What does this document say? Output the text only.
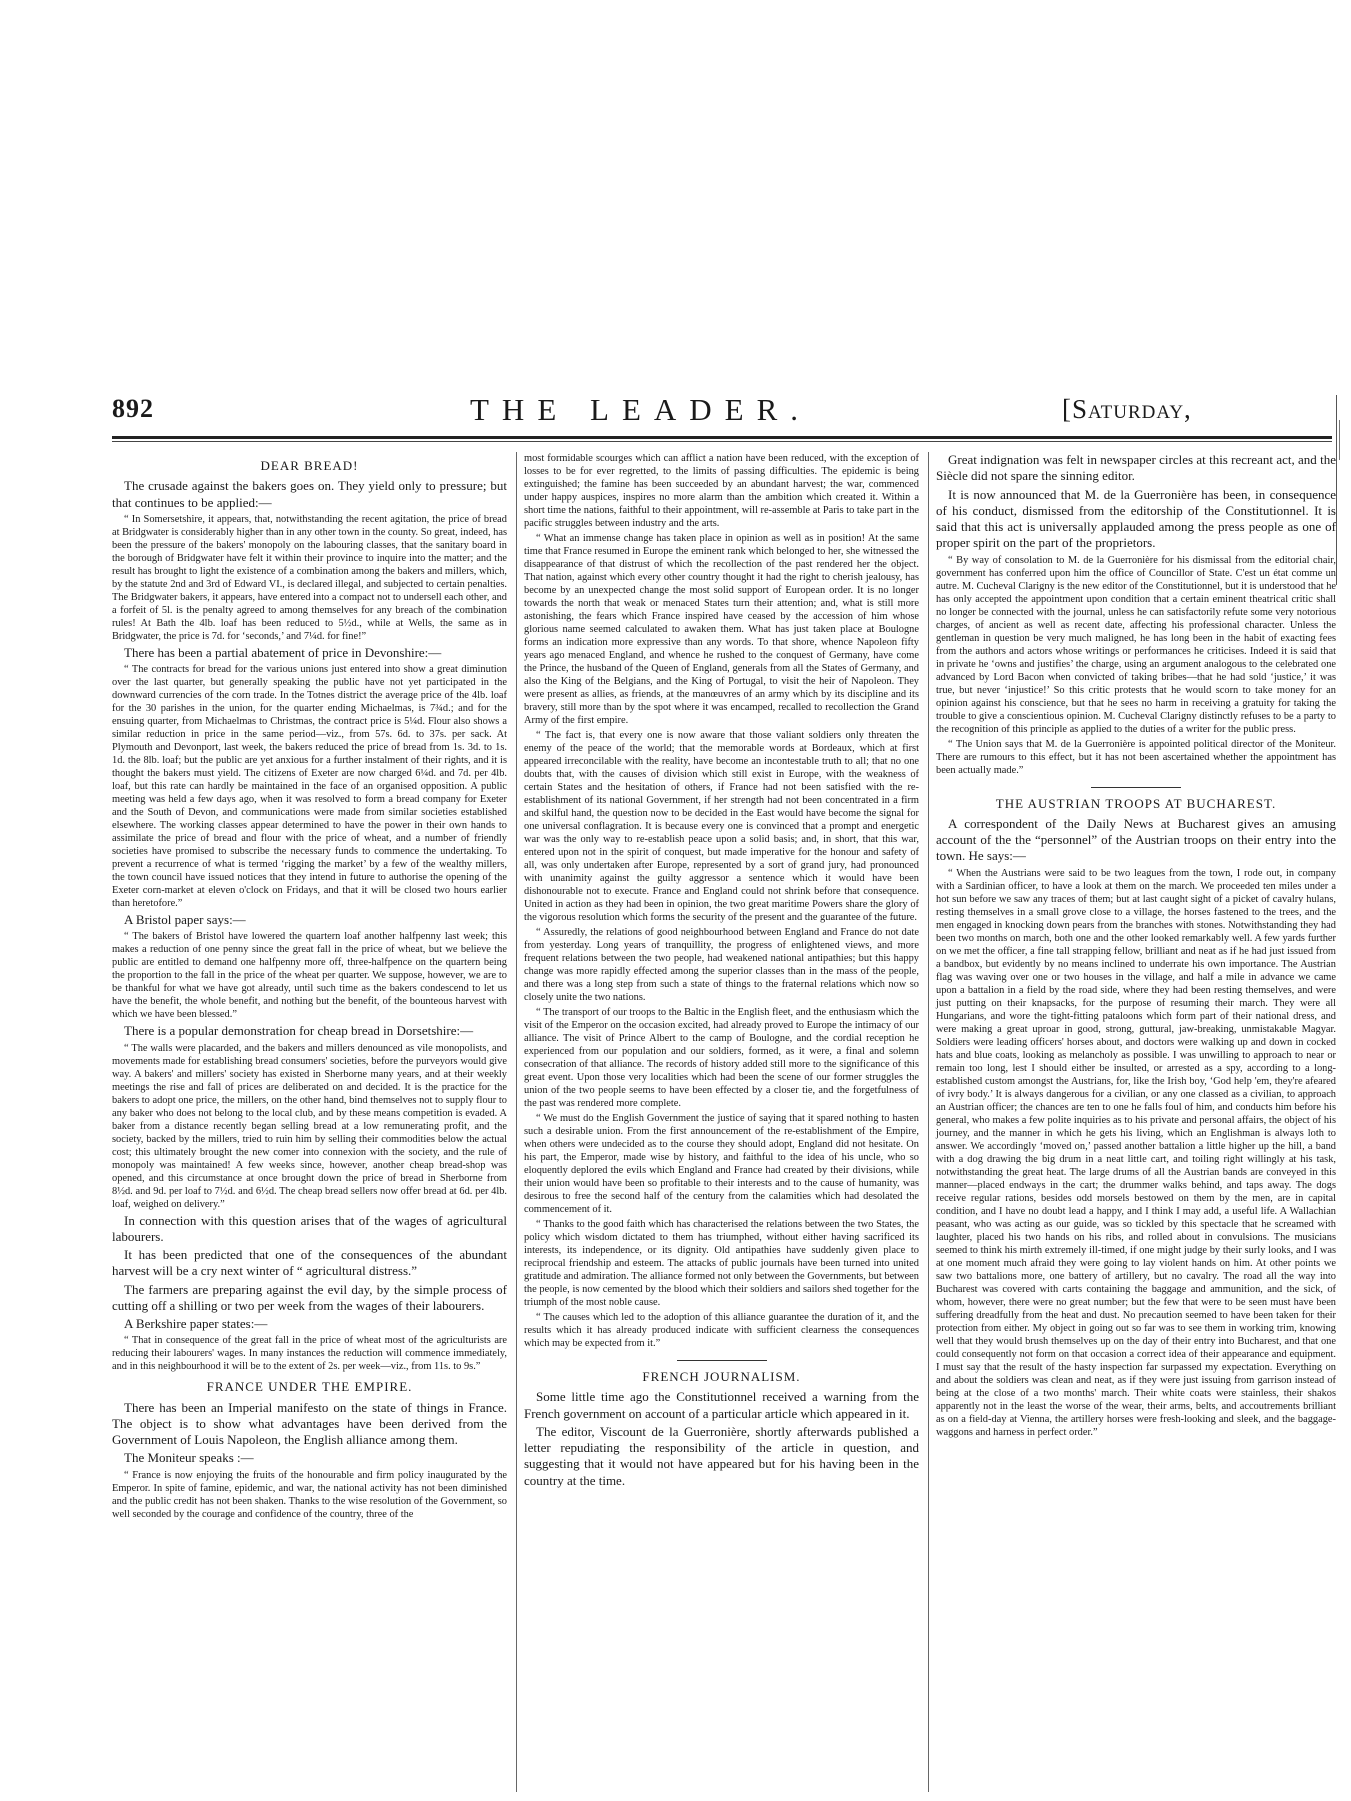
892	THE LEADER.	[Saturday,
DEAR BREAD!

The crusade against the bakers goes on. They yield only to pressure; but that continues to be applied:—

“ In Somersetshire, it appears, that, notwithstanding the recent agitation, the price of bread at Bridgwater is considerably higher than in any other town in the county. So great, indeed, has been the pressure of the bakers' monopoly on the labouring classes, that the sanitary board in the borough of Bridgwater have felt it within their province to inquire into the matter; and the result has brought to light the existence of a combination among the bakers and millers, which, by the statute 2nd and 3rd of Edward VI., is declared illegal, and subjected to certain penalties. The Bridgwater bakers, it appears, have entered into a compact not to undersell each other, and a forfeit of 5l. is the penalty agreed to among themselves for any breach of the combination rules! At Bath the 4lb. loaf has been reduced to 5½d., while at Wells, the same as in Bridgwater, the price is 7d. for ‘seconds,’ and 7¼d. for fine!”

There has been a partial abatement of price in Devonshire:—

“ The contracts for bread for the various unions just entered into show a great diminution over the last quarter, but generally speaking the public have not yet participated in the downward currencies of the corn trade. In the Totnes district the average price of the 4lb. loaf for the 30 parishes in the union, for the quarter ending Michaelmas, is 7¾d.; and for the ensuing quarter, from Michaelmas to Christmas, the contract price is 5¼d. Flour also shows a similar reduction in price in the same period—viz., from 57s. 6d. to 37s. per sack. At Plymouth and Devonport, last week, the bakers reduced the price of bread from 1s. 3d. to 1s. 1d. the 8lb. loaf; but the public are yet anxious for a further instalment of their rights, and it is thought the bakers must yield. The citizens of Exeter are now charged 6¼d. and 7d. per 4lb. loaf, but this rate can hardly be maintained in the face of an organised opposition. A public meeting was held a few days ago, when it was resolved to form a bread company for Exeter and the South of Devon, and communications were made from similar societies established elsewhere. The working classes appear determined to have the power in their own hands to assimilate the price of bread and flour with the price of wheat, and a number of friendly societies have promised to subscribe the necessary funds to commence the undertaking. To prevent a recurrence of what is termed ‘rigging the market’ by a few of the wealthy millers, the town council have issued notices that they intend in future to authorise the opening of the Exeter corn-market at eleven o'clock on Fridays, and that it will be closed two hours earlier than heretofore.”

A Bristol paper says:—

“ The bakers of Bristol have lowered the quartern loaf another halfpenny last week; this makes a reduction of one penny since the great fall in the price of wheat, but we believe the public are entitled to demand one halfpenny more off, three-halfpence on the quartern being the proportion to the fall in the price of the wheat per quarter. We suppose, however, we are to be thankful for what we have got already, until such time as the bakers condescend to let us have the benefit, the whole benefit, and nothing but the benefit, of the bounteous harvest with which we have been blessed.”

There is a popular demonstration for cheap bread in Dorsetshire:—

“ The walls were placarded, and the bakers and millers denounced as vile monopolists, and movements made for establishing bread consumers' societies, before the purveyors would give way. A bakers' and millers' society has existed in Sherborne many years, and at their weekly meetings the rise and fall of prices are deliberated on and decided. It is the practice for the bakers to adopt one price, the millers, on the other hand, bind themselves not to supply flour to any baker who does not belong to the local club, and by these means competition is evaded. A baker from a distance recently began selling bread at a low remunerating profit, and the society, backed by the millers, tried to ruin him by selling their commodities below the actual cost; this ultimately brought the new comer into connexion with the society, and the rule of monopoly was maintained! A few weeks since, however, another cheap bread-shop was opened, and this circumstance at once brought down the price of bread in Sherborne from 8½d. and 9d. per loaf to 7½d. and 6½d. The cheap bread sellers now offer bread at 6d. per 4lb. loaf, weighed on delivery.”

In connection with this question arises that of the wages of agricultural labourers.

It has been predicted that one of the consequences of the abundant harvest will be a cry next winter of “ agricultural distress.”

The farmers are preparing against the evil day, by the simple process of cutting off a shilling or two per week from the wages of their labourers.

A Berkshire paper states:—

“ That in consequence of the great fall in the price of wheat most of the agriculturists are reducing their labourers' wages. In many instances the reduction will commence immediately, and in this neighbourhood it will be to the extent of 2s. per week—viz., from 11s. to 9s.”

FRANCE UNDER THE EMPIRE.

There has been an Imperial manifesto on the state of things in France. The object is to show what advantages have been derived from the Government of Louis Napoleon, the English alliance among them.

The Moniteur speaks :—

“ France is now enjoying the fruits of the honourable and firm policy inaugurated by the Emperor. In spite of famine, epidemic, and war, the national activity has not been diminished and the public credit has not been shaken. Thanks to the wise resolution of the Government, so well seconded by the courage and confidence of the country, three of the

most formidable scourges which can afflict a nation have been reduced, with the exception of losses to be for ever regretted, to the limits of passing difficulties. The epidemic is being extinguished; the famine has been succeeded by an abundant harvest; the war, commenced under happy auspices, inspires no more alarm than the ambition which created it. Within a short time the nations, faithful to their appointment, will re-assemble at Paris to take part in the pacific struggles between industry and the arts.

“ What an immense change has taken place in opinion as well as in position! At the same time that France resumed in Europe the eminent rank which belonged to her, she witnessed the disappearance of that distrust of which the recollection of the past rendered her the object. That nation, against which every other country thought it had the right to cherish jealousy, has become by an unexpected change the most solid support of European order. It is no longer towards the north that weak or menaced States turn their attention; and, what is still more astonishing, the fears which France inspired have ceased by the accession of him whose glorious name seemed calculated to awaken them. What has just taken place at Boulogne forms an indication more expressive than any words. To that shore, whence Napoleon fifty years ago menaced England, and whence he rushed to the conquest of Germany, have come the Prince, the husband of the Queen of England, generals from all the States of Germany, and also the King of the Belgians, and the King of Portugal, to visit the heir of Napoleon. They were present as allies, as friends, at the manœuvres of an army which by its discipline and its bravery, still more than by the spot where it was encamped, recalled to recollection the Grand Army of the first empire.

“ The fact is, that every one is now aware that those valiant soldiers only threaten the enemy of the peace of the world; that the memorable words at Bordeaux, which at first appeared irreconcilable with the reality, have become an incontestable truth to all; that no one doubts that, with the causes of division which still exist in Europe, with the weakness of certain States and the hesitation of others, if France had not been satisfied with the re-establishment of its national Government, if her strength had not been concentrated in a firm and skilful hand, the question now to be decided in the East would have become the signal for one universal conflagration. It is because every one is convinced that a prompt and energetic war was the only way to re-establish peace upon a solid basis; and, in short, that this war, entered upon not in the spirit of conquest, but made imperative for the honour and safety of all, was only undertaken after Europe, represented by a sort of grand jury, had pronounced with unanimity against the guilty aggressor a sentence which it would have been dishonourable not to execute. France and England could not shrink before that consequence. United in action as they had been in opinion, the two great maritime Powers share the glory of the vigorous resolution which forms the security of the present and the guarantee of the future.

“ Assuredly, the relations of good neighbourhood between England and France do not date from yesterday. Long years of tranquillity, the progress of enlightened views, and more frequent relations between the two people, had weakened national antipathies; but this happy change was more rapidly effected among the superior classes than in the mass of the people, and there was a long step from such a state of things to the fraternal relations which now so closely unite the two nations.

“ The transport of our troops to the Baltic in the English fleet, and the enthusiasm which the visit of the Emperor on the occasion excited, had already proved to Europe the intimacy of our alliance. The visit of Prince Albert to the camp of Boulogne, and the cordial reception he experienced from our population and our soldiers, formed, as it were, a final and solemn consecration of that alliance. The records of history added still more to the significance of this great event. Upon those very localities which had been the scene of our former struggles the union of the two people seems to have been effected by a closer tie, and the forgetfulness of the past was rendered more complete.

“ We must do the English Government the justice of saying that it spared nothing to hasten such a desirable union. From the first announcement of the re-establishment of the Empire, when others were undecided as to the course they should adopt, England did not hesitate. On his part, the Emperor, made wise by history, and faithful to the idea of his uncle, who so eloquently deplored the evils which England and France had created by their divisions, while their union would have been so profitable to their interests and to the cause of humanity, was desirous to free the second half of the century from the calamities which had desolated the commencement of it.

“ Thanks to the good faith which has characterised the relations between the two States, the policy which wisdom dictated to them has triumphed, without either having sacrificed its interests, its independence, or its dignity. Old antipathies have suddenly given place to reciprocal friendship and esteem. The attacks of public journals have been turned into united gratitude and admiration. The alliance formed not only between the Governments, but between the people, is now cemented by the blood which their soldiers and sailors shed together for the triumph of the most noble cause.

“ The causes which led to the adoption of this alliance guarantee the duration of it, and the results which it has already produced indicate with sufficient clearness the consequences which may be expected from it.”

FRENCH JOURNALISM.

Some little time ago the Constitutionnel received a warning from the French government on account of a particular article which appeared in it.

The editor, Viscount de la Guerronière, shortly afterwards published a letter repudiating the responsibility of the article in question, and suggesting that it would not have appeared but for his having been in the country at the time.

Great indignation was felt in newspaper circles at this recreant act, and the Siècle did not spare the sinning editor.

It is now announced that M. de la Guerronière has been, in consequence of his conduct, dismissed from the editorship of the Constitutionnel. It is said that this act is universally applauded among the press people as one of proper spirit on the part of the proprietors.

“ By way of consolation to M. de la Guerronière for his dismissal from the editorial chair, government has conferred upon him the office of Councillor of State. C'est un état comme un autre. M. Cucheval Clarigny is the new editor of the Constitutionnel, but it is understood that he has only accepted the appointment upon condition that a certain eminent theatrical critic shall no longer be connected with the journal, unless he can satisfactorily refute some very notorious charges, of ancient as well as recent date, affecting his professional character. Unless the gentleman in question be very much maligned, he has long been in the habit of exacting fees from the authors and actors whose writings or performances he criticises. Indeed it is said that in private he ‘owns and justifies’ the charge, using an argument analogous to the celebrated one advanced by Lord Bacon when convicted of taking bribes—that he had sold ‘justice,’ it was true, but never ‘injustice!’ So this critic protests that he would scorn to take money for an opinion against his conscience, but that he sees no harm in receiving a gratuity for taking the trouble to give a conscientious opinion. M. Cucheval Clarigny distinctly refuses to be a party to the recognition of this principle as applied to the duties of a writer for the public press.

“ The Union says that M. de la Guerronière is appointed political director of the Moniteur. There are rumours to this effect, but it has not been ascertained whether the appointment has been actually made.”

THE AUSTRIAN TROOPS AT BUCHAREST.

A correspondent of the Daily News at Bucharest gives an amusing account of the the “personnel” of the Austrian troops on their entry into the town. He says:—

“ When the Austrians were said to be two leagues from the town, I rode out, in company with a Sardinian officer, to have a look at them on the march. We proceeded ten miles under a hot sun before we saw any traces of them; but at last caught sight of a picket of cavalry hulans, resting themselves in a small grove close to a village, the horses fastened to the trees, and the men engaged in knocking down pears from the branches with stones. Notwithstanding they had been two months on march, both one and the other looked remarkably well. A few yards further on we met the officer, a fine tall strapping fellow, brilliant and neat as if he had just issued from a bandbox, but evidently by no means inclined to underrate his own importance. The Austrian flag was waving over one or two houses in the village, and half a mile in advance we came upon a battalion in a field by the road side, where they had been resting themselves, and were just putting on their knapsacks, for the purpose of resuming their march. They were all Hungarians, and wore the tight-fitting pataloons which form part of their national dress, and were making a great uproar in good, strong, guttural, jaw-breaking, unmistakable Magyar. Soldiers were leading officers' horses about, and doctors were walking up and down in cocked hats and blue coats, looking as melancholy as possible. I was unwilling to approach to near or remain too long, lest I should either be insulted, or arrested as a spy, according to a long-established custom amongst the Austrians, for, like the Irish boy, ‘God help 'em, they're afeared of ivry body.’ It is always dangerous for a civilian, or any one classed as a civilian, to approach an Austrian officer; the chances are ten to one he falls foul of him, and conducts him before his general, who makes a few polite inquiries as to his private and personal affairs, the object of his journey, and the manner in which he gets his living, which an Englishman is always loth to answer. We accordingly ‘moved on,’ passed another battalion a little higher up the hill, a band with a dog drawing the big drum in a neat little cart, and toiling right willingly at his task, notwithstanding the great heat. The large drums of all the Austrian bands are conveyed in this manner—placed endways in the cart; the drummer walks behind, and taps away. The dogs receive regular rations, besides odd morsels bestowed on them by the men, are in capital condition, and I have no doubt lead a happy, and I think I may add, a useful life. A Wallachian peasant, who was acting as our guide, was so tickled by this spectacle that he screamed with laughter, placed his two hands on his ribs, and rolled about in convulsions. The musicians seemed to think his mirth extremely ill-timed, if one might judge by their surly looks, and I was at one moment much afraid they were going to lay violent hands on him. At other points we saw two battalions more, one battery of artillery, but no cavalry. The road all the way into Bucharest was covered with carts containing the baggage and ammunition, and the sick, of whom, however, there were no great number; but the few that were to be seen must have been suffering dreadfully from the heat and dust. No precaution seemed to have been taken for their protection from either. My object in going out so far was to see them in working trim, knowing well that they would brush themselves up on the day of their entry into Bucharest, and that one could consequently not form on that occasion a correct idea of their appearance and equipment. I must say that the result of the hasty inspection far surpassed my expectation. Everything on and about the soldiers was clean and neat, as if they were just issuing from garrison instead of being at the close of a two months' march. Their white coats were stainless, their shakos apparently not in the least the worse of the wear, their arms, belts, and accoutrements brilliant as on a field-day at Vienna, the artillery horses were fresh-looking and sleek, and the baggage-waggons and harness in perfect order.”
